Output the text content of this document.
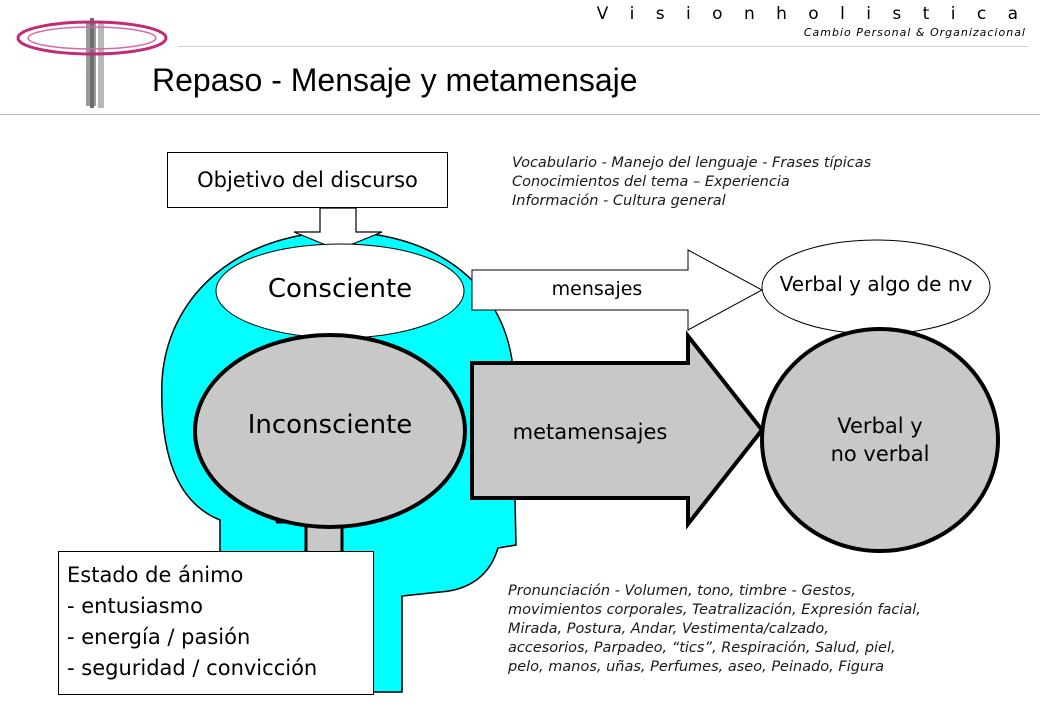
V i s i o n h o l i s t i c a
Cambio Personal & Organizacional
Repaso - Mensaje y metamensaje
Objetivo del discurso
Consciente
Inconsciente
mensajes
metamensajes
Verbal y algo de nv
Verbal y
no verbal
Vocabulario - Manejo del lenguaje - Frases típicas
Conocimientos del tema – Experiencia
Información - Cultura general
Estado de ánimo
- entusiasmo
- energía / pasión
- seguridad / convicción
Pronunciación - Volumen, tono, timbre - Gestos,
movimientos corporales, Teatralización, Expresión facial,
Mirada, Postura, Andar, Vestimenta/calzado,
accesorios, Parpadeo, “tics”, Respiración, Salud, piel,
pelo, manos, uñas, Perfumes, aseo, Peinado, Figura
